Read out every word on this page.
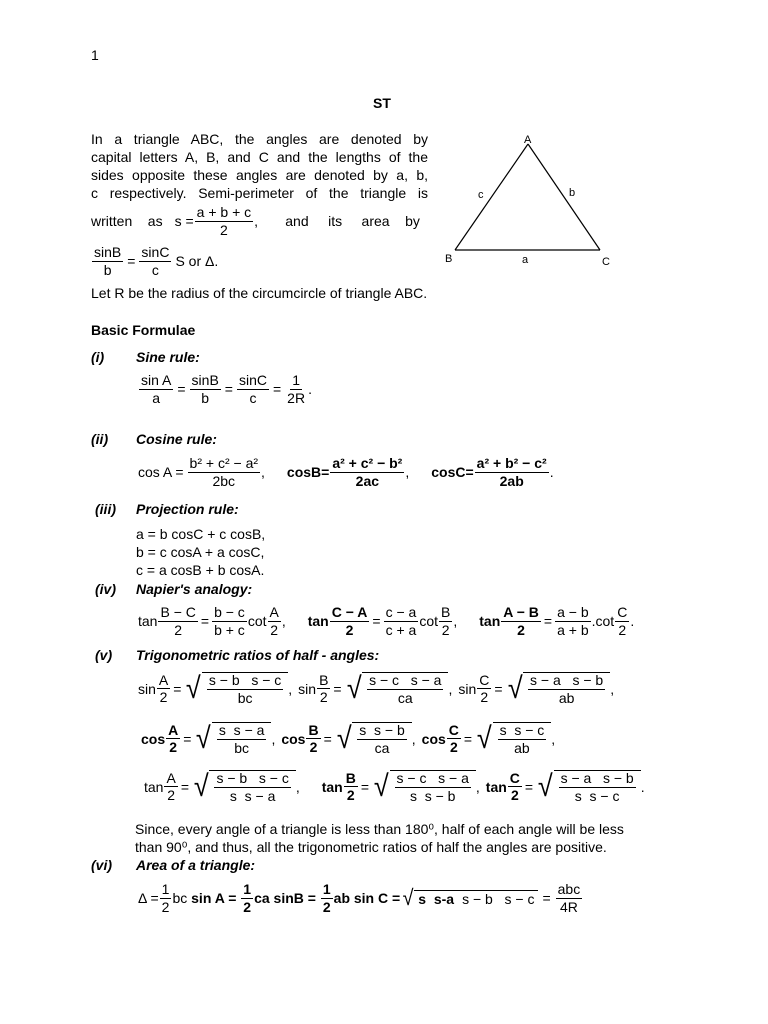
1
ST
In a triangle ABC, the angles are denoted by
capital letters A, B, and C and the lengths of the
sides opposite these angles are denoted by a, b,
c respectively. Semi-perimeter of the triangle is
written    as $s = \frac{a + b + c}{2}$ ,       and     its     area    by
$\frac{\sin B}{b} = \frac{\sin C}{c}$ S or Δ.
Let R be the radius of the circumcircle of triangle ABC.
A
B	C
a
b
c
Basic Formulae
(i) Sine rule:
$\frac{\text{sin A}}{a} = \frac{\sin B}{b} = \frac{\sin C}{c} = \frac{1}{2R}$ .
(ii) Cosine rule:
$\cos A = \frac{\text{b² + c² − a²}}{2bc}$ , $\cos B= \frac{\text{a² + c² − b²}}{2ac}$ , $\cos C= \frac{\text{a² + b² − c²}}{2ab}$ .
(iii) Projection rule:
a = b cosC + c cosB,
b = c cosA + a cosC,
c = a cosB + b cosA.
(iv) Napier's analogy:
$\tan \frac{B - C}{2} = \frac{b - c}{b + c}$ $\cot \frac{A}{2}$ , $\tan \frac{C - A}{2} = \frac{c - a}{c + a}$ $\cot \frac{B}{2}$ , $\tan \frac{A - B}{2} = \frac{a - b}{a + b} .\cot \frac{C}{2}$ .
(v) Trigonometric ratios of half - angles:
$\sin \frac{A}{2}$ = √ $\frac{\text{s − b   s − c}}{bc}$ , $\sin \frac{B}{2}$ = √ $\frac{\text{s − c   s − a}}{ca}$ , $\sin \frac{C}{2}$ = √ $\frac{\text{s − a   s − b}}{ab}$ ,
$\cos \frac{A}{2}$ = √ $\frac{\text{s  s − a}}{bc}$ , $\cos \frac{B}{2}$ = √ $\frac{\text{s  s − b}}{ca}$ , $\cos \frac{C}{2}$ = √ $\frac{\text{s  s − c}}{ab}$ ,
$\tan \frac{A}{2}$ = √ $\frac{\text{s − b   s − c}}{\text{s  s − a}}$ , $\tan \frac{B}{2}$ = √ $\frac{\text{s − c   s − a}}{\text{s  s − b}}$ , $\tan \frac{C}{2}$ = √ $\frac{\text{s − a   s − b}}{\text{s  s − c}}$ .
Since, every angle of a triangle is less than 180⁰, half of each angle will be less
than 90⁰, and thus, all the trigonometric ratios of half the angles are positive.
(vi) Area of a triangle:
$\Delta = \frac{1}{2}$ bc $\sin A = \frac{1}{2}$ ca $\sin B = \frac{1}{2}$ ab sin C = √ s  s-a s − b   $s - c = \frac{\text{abc}}{4R}$
